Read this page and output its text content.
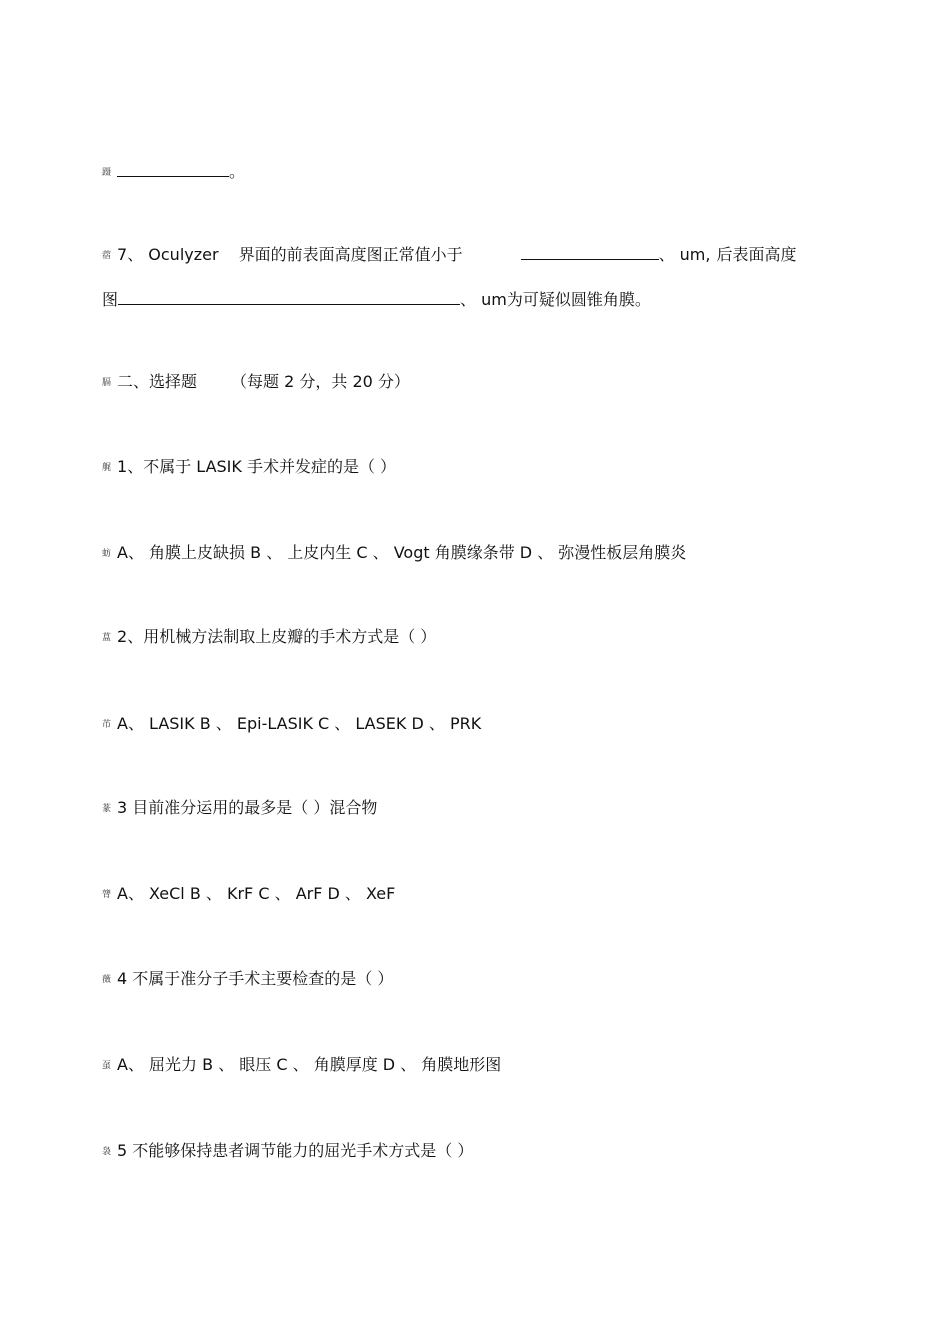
蹑	。
蓿 7、 Oculyzer 界面的前表面高度图正常值小于	、 um, 后表面高度
图	、 um为可疑似圆锥角膜。
膈 二、选择题 （每题 2 分，共 20 分）
艉 1、不属于 LASIK 手术并发症的是（ ）
蚄 A、 角膜上皮缺损 B 、 上皮内生 C 、 Vogt 角膜缘条带 D 、 弥漫性板层角膜炎
蒀 2、用机械方法制取上皮瓣的手术方式是（ ）
芇 A、 LASIK B 、 Epi-LASIK C 、 LASEK D 、 PRK
蒃 3 目前准分运用的最多是（ ）混合物
膂 A、 XeCl B 、 KrF C 、 ArF D 、 XeF
薇 4 不属于准分子手术主要检查的是（ ）
虿 A、 屈光力 B 、 眼压 C 、 角膜厚度 D 、 角膜地形图
袅 5 不能够保持患者调节能力的屈光手术方式是（ ）
